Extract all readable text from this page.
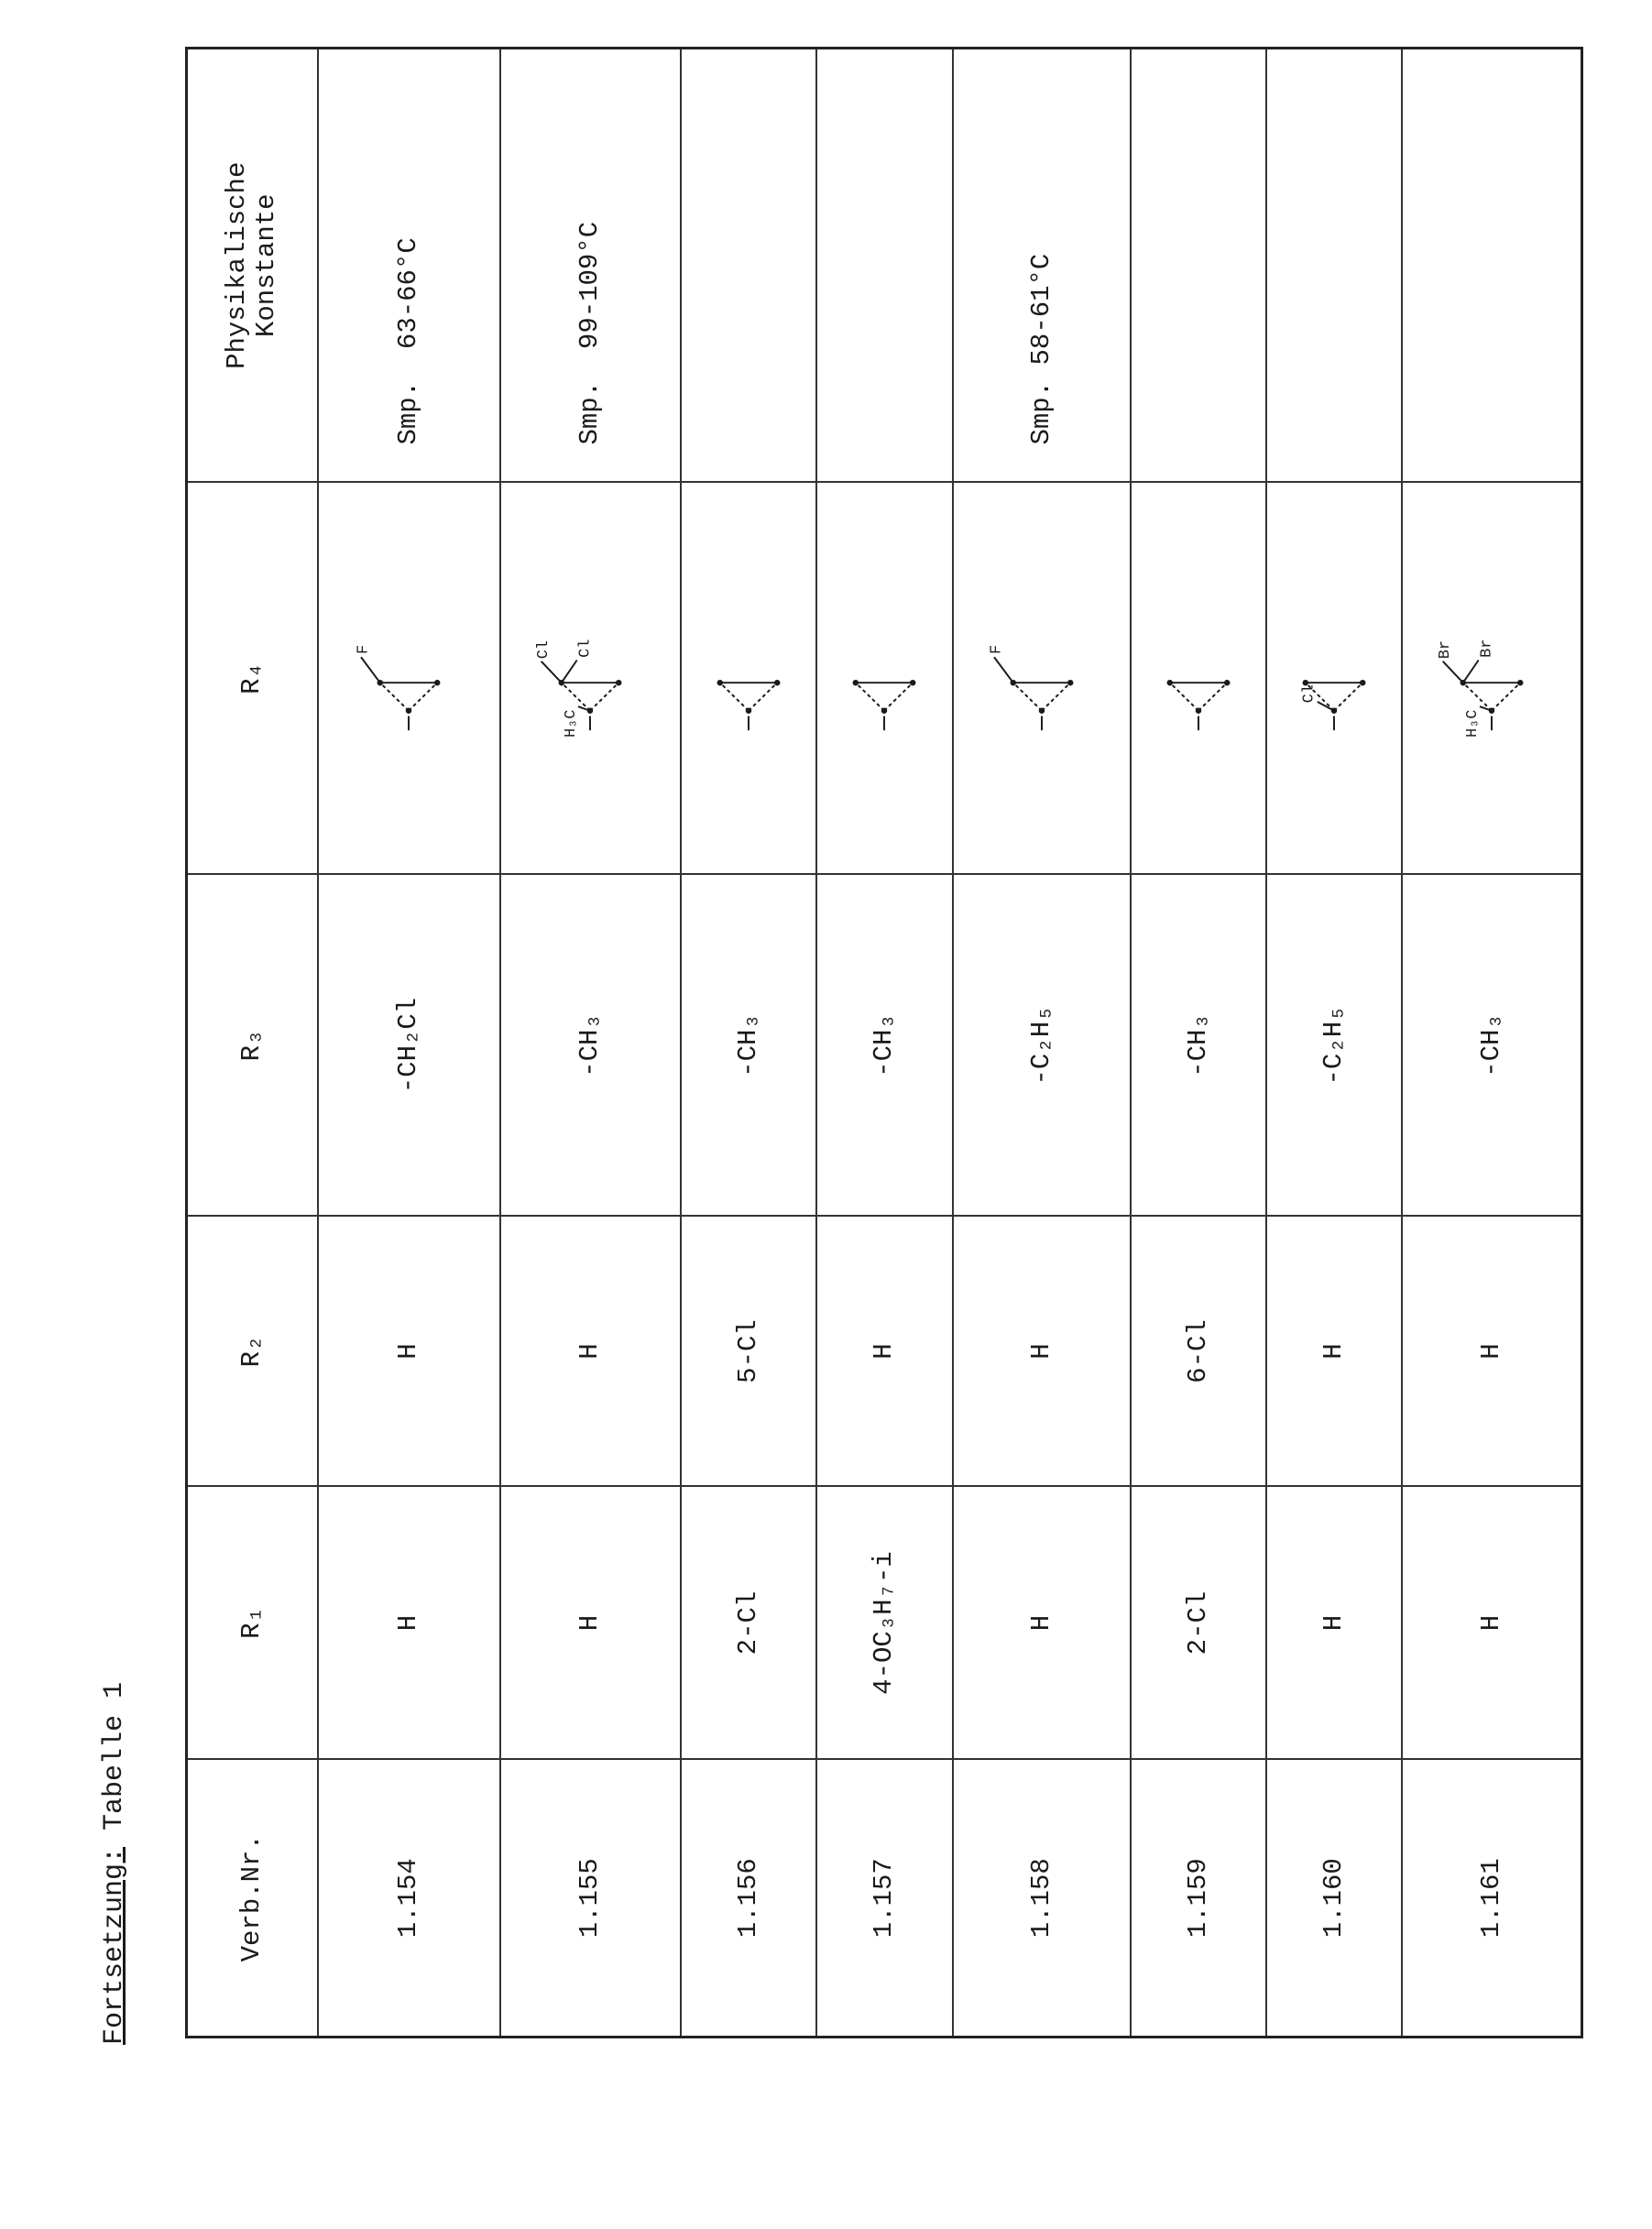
Fortsetzung: Tabelle 1
Verb.Nr.	R₁	R₂	R₃	R₄	Physikalische
Konstante
1.154	H	H	-CH₂Cl	
F
	Smp.  63-66°C
1.155	H	H	-CH₃	
Cl Cl
H₃C
	Smp.  99-109°C
1.156	2-Cl	5-Cl	-CH₃	

1.157	4-OC₃H₇-i	H	-CH₃	

1.158	H	H	-C₂H₅	
F
	Smp. 58-61°C
1.159	2-Cl	6-Cl	-CH₃	

1.160	H	H	-C₂H₅	
Cl

1.161	H	H	-CH₃	
Br Br
H₃C
